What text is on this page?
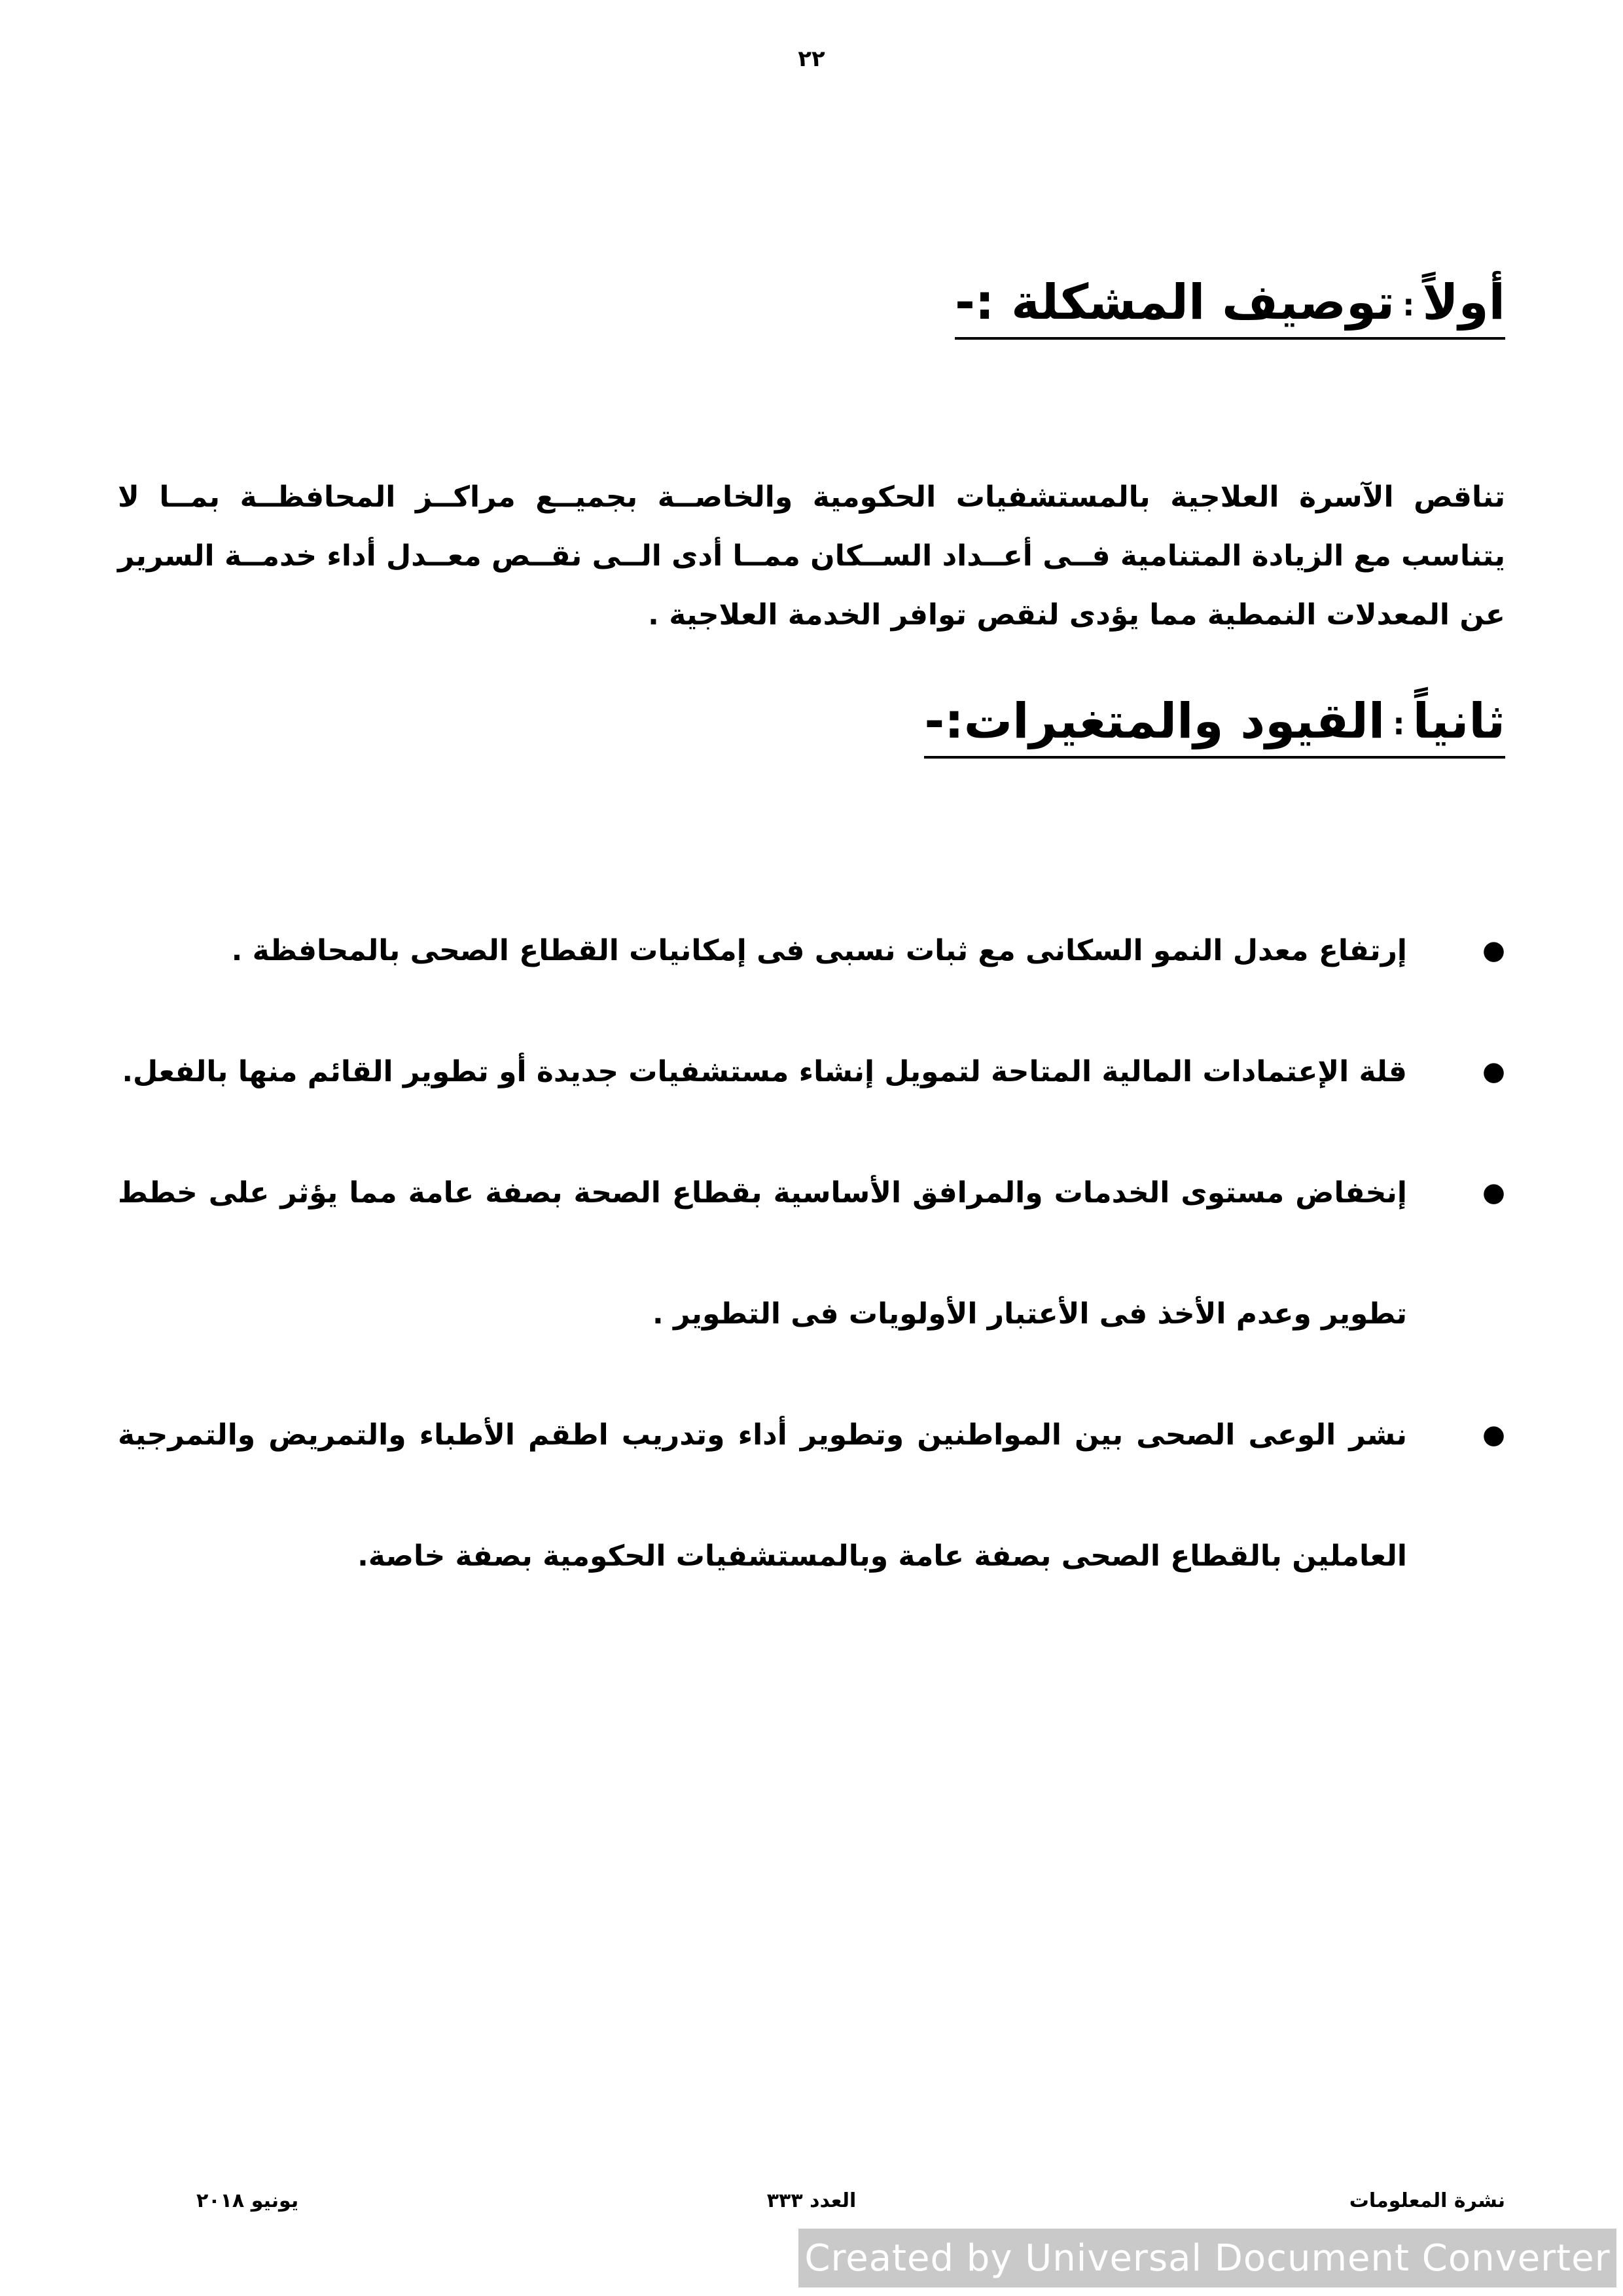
٢٢
أولاً:توصيف المشكلة :-
تناقص الآسرة العلاجية بالمستشفيات الحكومية والخاصــة بجميــع مراكــز المحافظــة بمــا لا يتناسب مع الزيادة المتنامية فــى أعــداد الســكان ممــا أدى الــى نقــص معــدل أداء خدمــة السرير عن المعدلات النمطية مما يؤدى لنقص توافر الخدمة العلاجية .
ثانياً:القيود والمتغيرات:-
●
إرتفاع معدل النمو السكانى مع ثبات نسبى فى إمكانيات القطاع الصحى بالمحافظة .
●
قلة الإعتمادات المالية المتاحة لتمويل إنشاء مستشفيات جديدة أو تطوير القائم منها بالفعل.
●
إنخفاض مستوى الخدمات والمرافق الأساسية بقطاع الصحة بصفة عامة مما يؤثر على خطط تطوير وعدم الأخذ فى الأعتبار الأولويات فى التطوير .
●
نشر الوعى الصحى بين المواطنين وتطوير أداء وتدريب اطقم الأطباء والتمريض والتمرجية العاملين بالقطاع الصحى بصفة عامة وبالمستشفيات الحكومية بصفة خاصة.
نشرة المعلومات
العدد ٣٣٣
يونيو ٢٠١٨
Created by Universal Document Converter
